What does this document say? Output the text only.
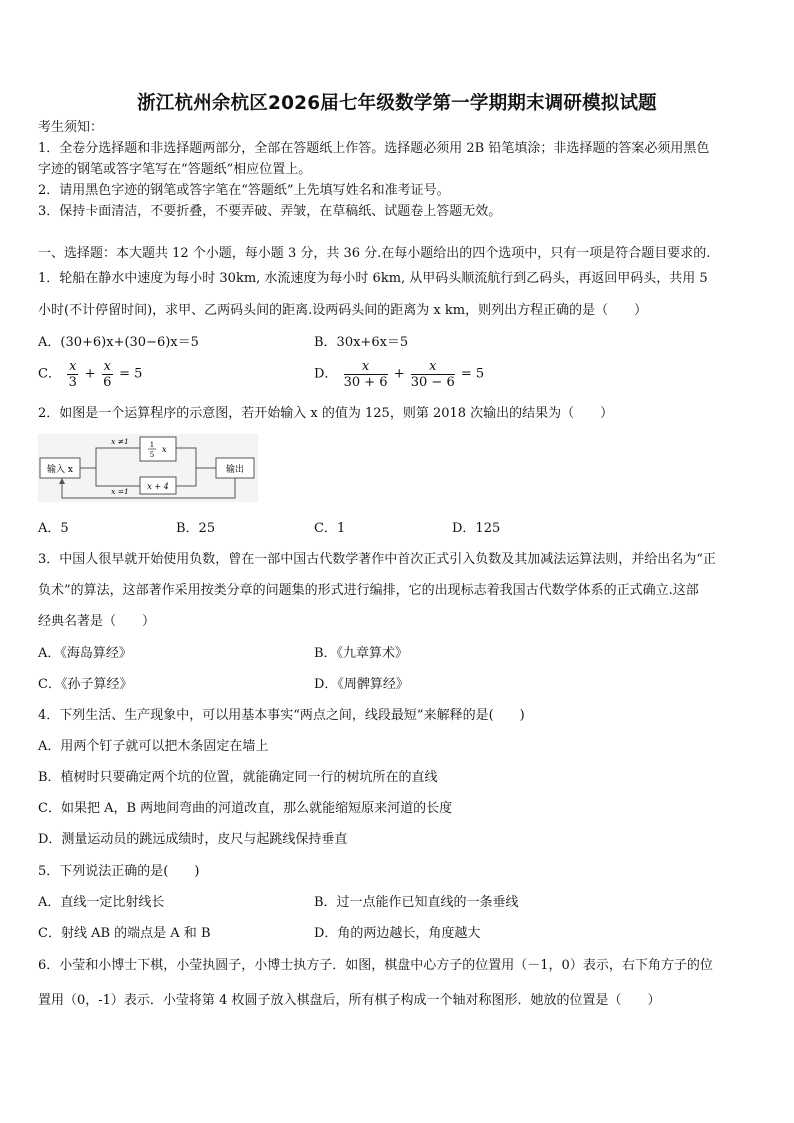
浙江杭州余杭区2026届七年级数学第一学期期末调研模拟试题
考生须知：
1．全卷分选择题和非选择题两部分，全部在答题纸上作答。选择题必须用 2B 铅笔填涂；非选择题的答案必须用黑色
字迹的钢笔或答字笔写在“答题纸”相应位置上。
2．请用黑色字迹的钢笔或答字笔在“答题纸”上先填写姓名和准考证号。
3．保持卡面清洁，不要折叠，不要弄破、弄皱，在草稿纸、试题卷上答题无效。
一、选择题：本大题共 12 个小题，每小题 3 分，共 36 分.在每小题给出的四个选项中，只有一项是符合题目要求的.
1．轮船在静水中速度为每小时 30km, 水流速度为每小时 6km, 从甲码头顺流航行到乙码头，再返回甲码头，共用 5
小时(不计停留时间)，求甲、乙两码头间的距离.设两码头间的距离为 x km，则列出方程正确的是（　　）
A．(30+6)x+(30−6)x＝5	B．30x+6x＝5
C． $\frac{x}{3} + \frac{x}{6} = 5$	D． $\frac{x}{30 + 6} + \frac{x}{30 - 6} = 5$
2．如图是一个运算程序的示意图，若开始输入 x 的值为 125，则第 2018 次输出的结果为（　　）
输入 x	输出
1
5
x
x + 4
x ≠1
x =1
A．5	B．25	C．1	D．125
3．中国人很早就开始使用负数，曾在一部中国古代数学著作中首次正式引入负数及其加减法运算法则，并给出名为“正
负术”的算法，这部著作采用按类分章的问题集的形式进行编排，它的出现标志着我国古代数学体系的正式确立.这部
经典名著是（　　）
A．《海岛算经》	B．《九章算术》
C．《孙子算经》	D．《周髀算经》
4．下列生活、生产现象中，可以用基本事实“两点之间，线段最短”来解释的是(　　)
A．用两个钉子就可以把木条固定在墙上
B．植树时只要确定两个坑的位置，就能确定同一行的树坑所在的直线
C．如果把 A，B 两地间弯曲的河道改直，那么就能缩短原来河道的长度
D．测量运动员的跳远成绩时，皮尺与起跳线保持垂直
5．下列说法正确的是(　　)
A．直线一定比射线长	B．过一点能作已知直线的一条垂线
C．射线 AB 的端点是 A 和 B	D．角的两边越长，角度越大
6．小莹和小博士下棋，小莹执圆子，小博士执方子．如图，棋盘中心方子的位置用（－1，0）表示，右下角方子的位
置用（0，-1）表示．小莹将第 4 枚圆子放入棋盘后，所有棋子构成一个轴对称图形．她放的位置是（　　）
